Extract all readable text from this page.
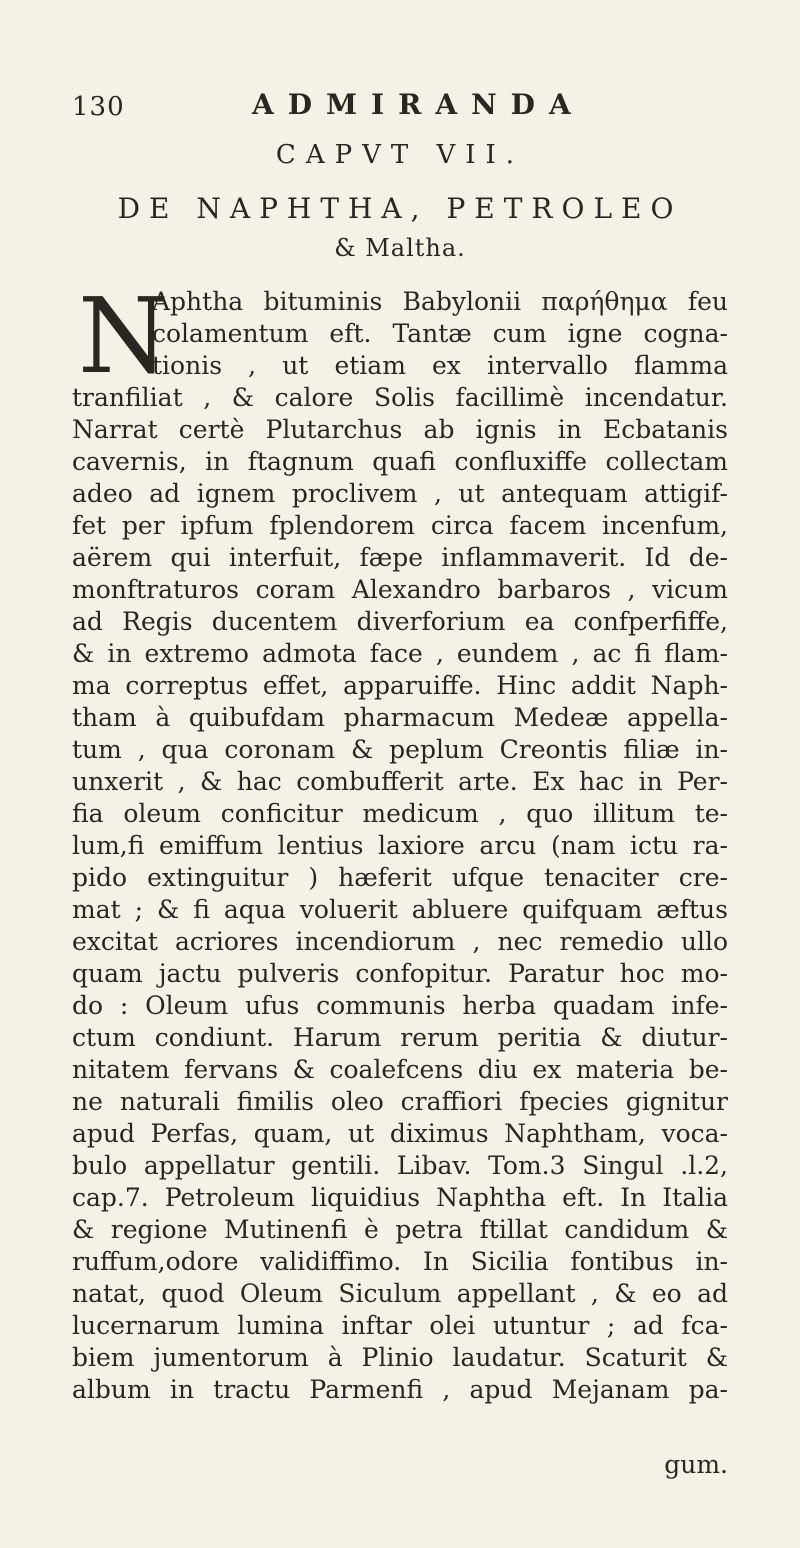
130	ADMIRANDA
CAPVT VII.
DE NAPHTHA, PETROLEO
& Maltha.
N
Aphtha bituminis Babylonii παρήθημα feu
colamentum eft. Tantæ cum igne cogna-
tionis , ut etiam ex intervallo flamma
tranfiliat , & calore Solis facillimè incendatur.
Narrat certè Plutarchus ab ignis in Ecbatanis
cavernis, in ftagnum quafi confluxiffe collectam
adeo ad ignem proclivem , ut antequam attigif-
fet per ipfum fplendorem circa facem incenfum,
aërem qui interfuit, fæpe inflammaverit. Id de-
monftraturos coram Alexandro barbaros , vicum
ad Regis ducentem diverforium ea confperfiffe,
& in extremo admota face , eundem , ac fi flam-
ma correptus effet, apparuiffe. Hinc addit Naph-
tham à quibufdam pharmacum Medeæ appella-
tum , qua coronam & peplum Creontis filiæ in-
unxerit , & hac combufferit arte. Ex hac in Per-
fia oleum conficitur medicum , quo illitum te-
lum,fi emiffum lentius laxiore arcu (nam ictu ra-
pido extinguitur ) hæferit ufque tenaciter cre-
mat ; & fi aqua voluerit abluere quifquam æftus
excitat acriores incendiorum , nec remedio ullo
quam jactu pulveris confopitur. Paratur hoc mo-
do : Oleum ufus communis herba quadam infe-
ctum condiunt. Harum rerum peritia & diutur-
nitatem fervans & coalefcens diu ex materia be-
ne naturali fimilis oleo craffiori fpecies gignitur
apud Perfas, quam, ut diximus Naphtham, voca-
bulo appellatur gentili. Libav. Tom.3 Singul .l.2,
cap.7. Petroleum liquidius Naphtha eft. In Italia
& regione Mutinenfi è petra ftillat candidum &
ruffum,odore validiffimo. In Sicilia fontibus in-
natat, quod Oleum Siculum appellant , & eo ad
lucernarum lumina inftar olei utuntur ; ad fca-
biem jumentorum à Plinio laudatur. Scaturit &
album in tractu Parmenfi , apud Mejanam pa-
gum.
